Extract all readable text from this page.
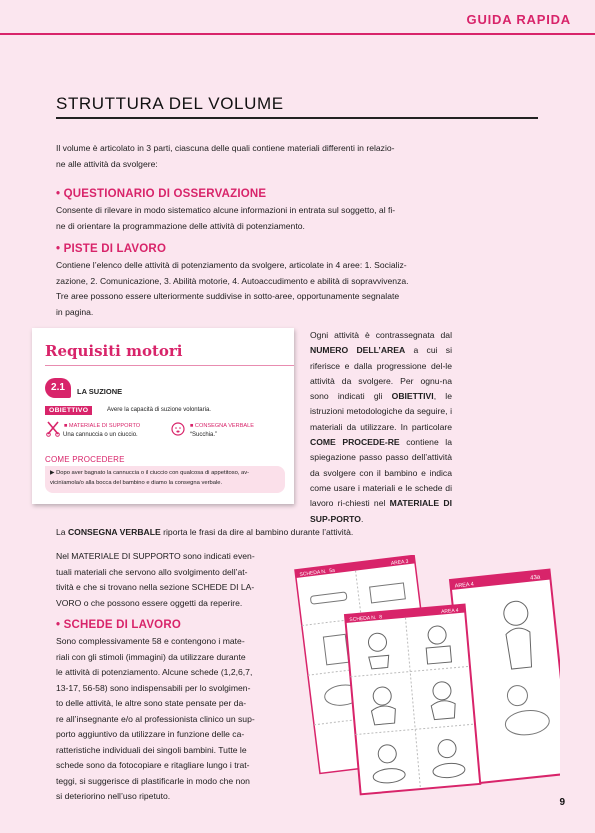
GUIDA RAPIDA
STRUTTURA DEL VOLUME
Il volume è articolato in 3 parti, ciascuna delle quali contiene materiali differenti in relazio-
ne alle attività da svolgere:
• QUESTIONARIO DI OSSERVAZIONE
Consente di rilevare in modo sistematico alcune informazioni in entrata sul soggetto, al fi-
ne di orientare la programmazione delle attività di potenziamento.
• PISTE DI LAVORO
Contiene l’elenco delle attività di potenziamento da svolgere, articolate in 4 aree: 1. Socializ-
zazione, 2. Comunicazione, 3. Abilità motorie, 4. Autoaccudimento e abilità di sopravvivenza.
Tre aree possono essere ulteriormente suddivise in sotto-aree, opportunamente segnalate
in pagina.
Requisiti motori
2.1	LA SUZIONE
OBIETTIVO	Avere la capacità di suzione volontaria.
■ MATERIALE DI SUPPORTO
Una cannuccia o un ciuccio.
■ CONSEGNA VERBALE
“Succhia.”
COME PROCEDERE
▶ Dopo aver bagnato la cannuccia o il ciuccio con qualcosa di appetitoso, av-
vicinïamola/o alla bocca del bambino e diamo la consegna verbale.
Ogni attività è contrassegnata dal NUMERO DELL’AREA a cui si riferisce e dalla progressione del-le attività da svolgere. Per ognu-na sono indicati gli OBIETTIVI, le istruzioni metodologiche da seguire, i materiali da utilizzare. In particolare COME PROCEDE-RE contiene la spiegazione passo passo dell’attività da svolgere con il bambino e indica come usare i materiali e le schede di lavoro ri-chiesti nel MATERIALE DI SUP-PORTO.
La CONSEGNA VERBALE riporta le frasi da dire al bambino durante l’attività.
Nel MATERIALE DI SUPPORTO sono indicati even-
tuali materiali che servono allo svolgimento dell’at-
tività e che si trovano nella sezione SCHEDE DI LA-
VORO o che possono essere oggetti da reperire.
• SCHEDE DI LAVORO
Sono complessivamente 58 e contengono i mate-
riali con gli stimoli (immagini) da utilizzare durante
le attività di potenziamento. Alcune schede (1,2,6,7,
13-17, 56-58) sono indispensabili per lo svolgimen-
to delle attività, le altre sono state pensate per da-
re all’insegnante e/o al professionista clinico un sup-
porto aggiuntivo da utilizzare in funzione delle ca-
ratteristiche individuali dei singoli bambini. Tutte le
schede sono da fotocopiare e ritagliare lungo i trat-
teggi, si suggerisce di plastificarle in modo che non
si deteriorino nell’uso ripetuto.
AREA 4
43a
SCHEDA N. 5a
AREA 3
SCHEDA N. 8
AREA 4
9
